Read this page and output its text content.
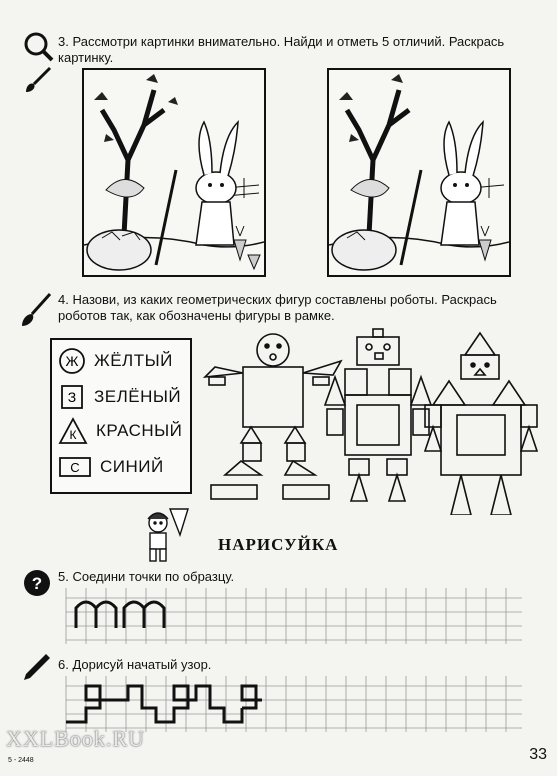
3. Рассмотри картинки внимательно. Найди и отметь 5 отличий. Раскрась картинку.
4. Назови, из каких геометрических фигур составлены роботы. Раскрась роботов так, как обозначены фигуры в рамке.
Ж ЖЁЛТЫЙ
З ЗЕЛЁНЫЙ
К КРАСНЫЙ
С СИНИЙ
НАРИСУЙКА
? 5. Соедини точки по образцу.
6. Дорисуй начатый узор.
XXLBook.RU
5 - 2448	33
